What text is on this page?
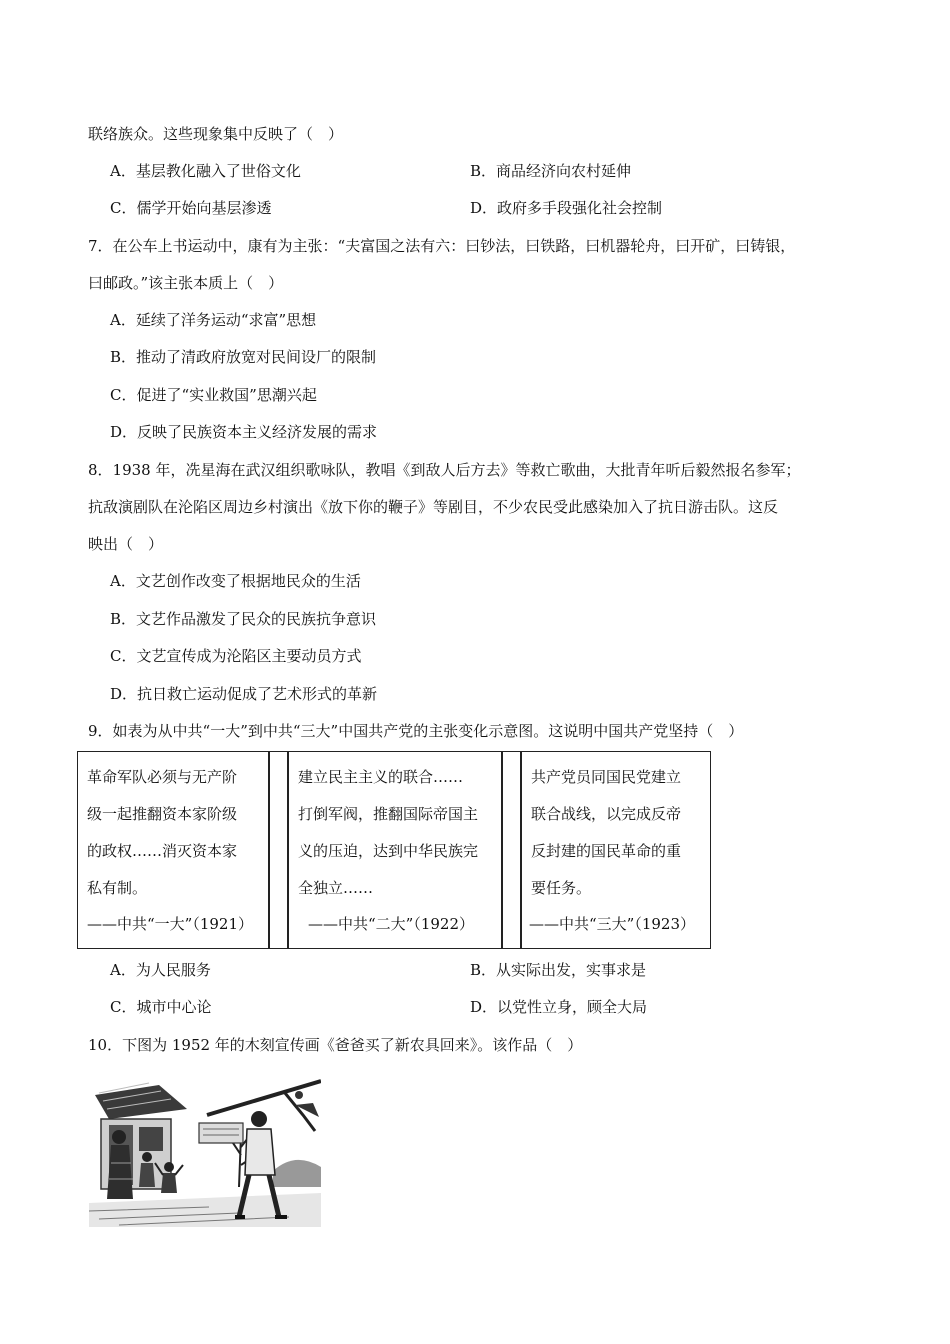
联络族众。这些现象集中反映了（　）
A．基层教化融入了世俗文化	B．商品经济向农村延伸
C．儒学开始向基层渗透	D．政府多手段强化社会控制
7．在公车上书运动中，康有为主张：“夫富国之法有六：曰钞法，曰铁路，曰机器轮舟，曰开矿，曰铸银，
曰邮政。”该主张本质上（　）
A．延续了洋务运动“求富”思想
B．推动了清政府放宽对民间设厂的限制
C．促进了“实业救国”思潮兴起
D．反映了民族资本主义经济发展的需求
8．1938 年，冼星海在武汉组织歌咏队，教唱《到敌人后方去》等救亡歌曲，大批青年听后毅然报名参军；
抗敌演剧队在沦陷区周边乡村演出《放下你的鞭子》等剧目，不少农民受此感染加入了抗日游击队。这反
映出（　）
A．文艺创作改变了根据地民众的生活
B．文艺作品激发了民众的民族抗争意识
C．文艺宣传成为沦陷区主要动员方式
D．抗日救亡运动促成了艺术形式的革新
9．如表为从中共“一大”到中共“三大”中国共产党的主张变化示意图。这说明中国共产党坚持（　）
革命军队必须与无产阶
级一起推翻资本家阶级
的政权……消灭资本家
私有制。
——中共“一大”（1921）
建立民主主义的联合……
打倒军阀，推翻国际帝国主
义的压迫，达到中华民族完
全独立……
——中共“二大”（1922）
共产党员同国民党建立
联合战线，以完成反帝
反封建的国民革命的重
要任务。
——中共“三大”（1923）
A．为人民服务	B．从实际出发，实事求是
C．城市中心论	D．以党性立身，顾全大局
10．下图为 1952 年的木刻宣传画《爸爸买了新农具回来》。该作品（　）
